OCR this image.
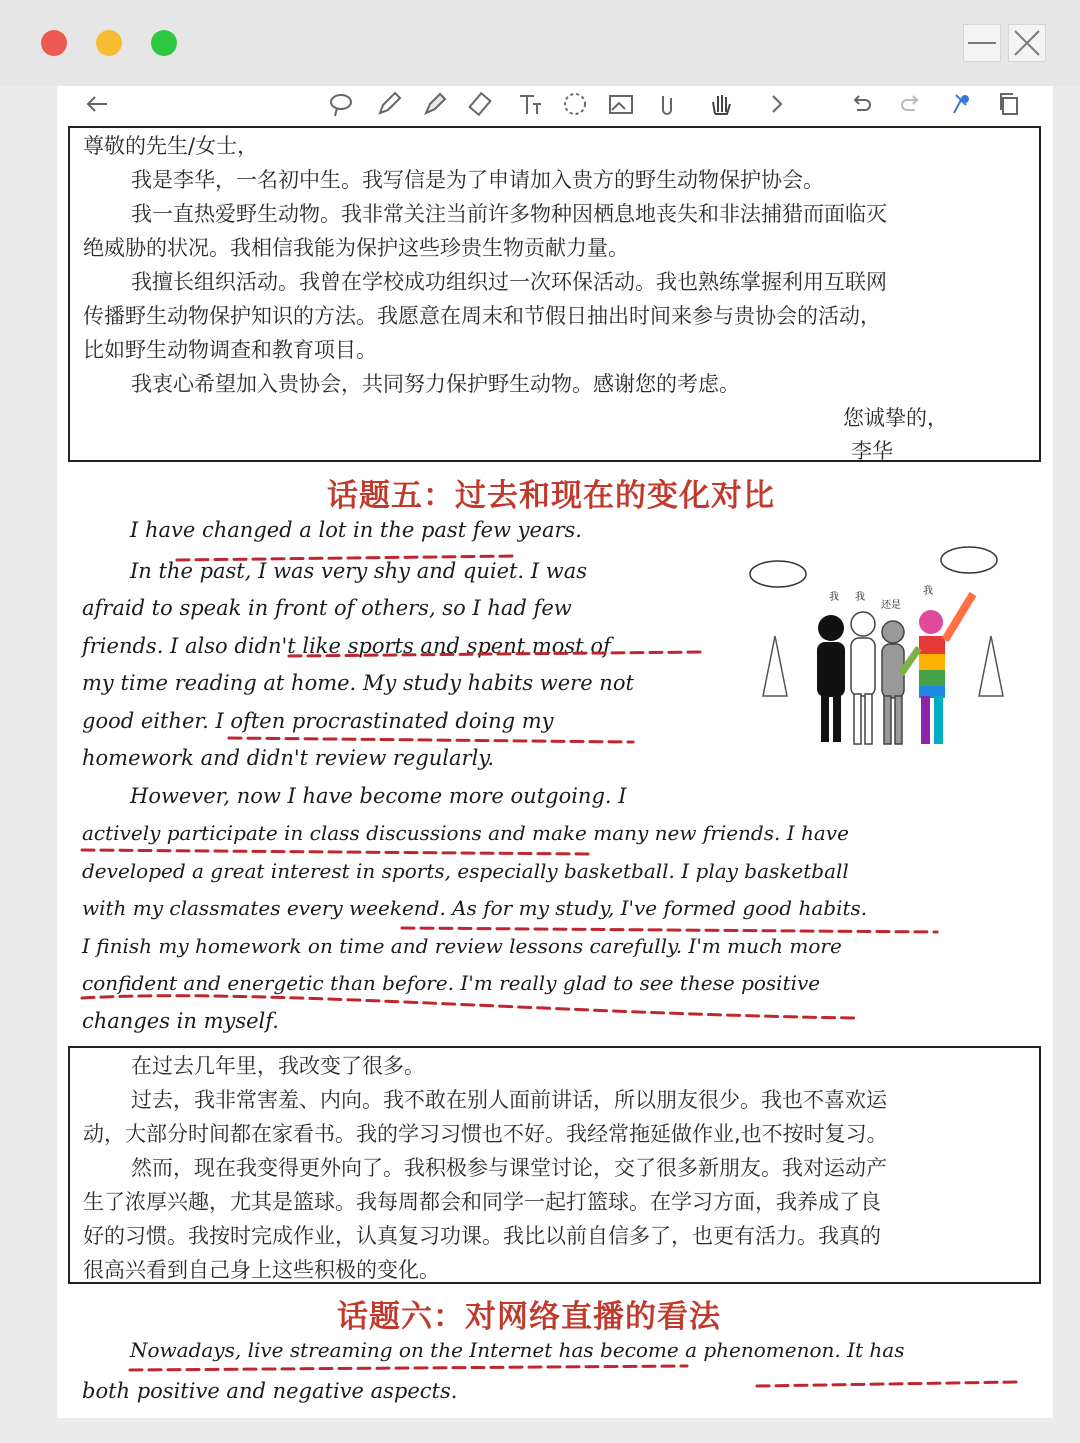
尊敬的先生/女士，
我是李华，一名初中生。我写信是为了申请加入贵方的野生动物保护协会。
我一直热爱野生动物。我非常关注当前许多物种因栖息地丧失和非法捕猎而面临灭
绝威胁的状况。我相信我能为保护这些珍贵生物贡献力量。
我擅长组织活动。我曾在学校成功组织过一次环保活动。我也熟练掌握利用互联网
传播野生动物保护知识的方法。我愿意在周末和节假日抽出时间来参与贵协会的活动，
比如野生动物调查和教育项目。
我衷心希望加入贵协会，共同努力保护野生动物。感谢您的考虑。
您诚挚的，
李华
话题五：过去和现在的变化对比
I have changed a lot in the past few years.
In the past, I was very shy and quiet. I was
afraid to speak in front of others, so I had few
friends. I also didn't like sports and spent most of
my time reading at home. My study habits were not
good either. I often procrastinated doing my
homework and didn't review regularly.
However, now I have become more outgoing. I
actively participate in class discussions and make many new friends. I have
developed a great interest in sports, especially basketball. I play basketball
with my classmates every weekend. As for my study, I've formed good habits.
I finish my homework on time and review lessons carefully. I'm much more
confident and energetic than before. I'm really glad to see these positive
changes in myself.
我 我
还是
我
在过去几年里，我改变了很多。
过去，我非常害羞、内向。我不敢在别人面前讲话，所以朋友很少。我也不喜欢运
动，大部分时间都在家看书。我的学习习惯也不好。我经常拖延做作业,也不按时复习。
然而，现在我变得更外向了。我积极参与课堂讨论，交了很多新朋友。我对运动产
生了浓厚兴趣，尤其是篮球。我每周都会和同学一起打篮球。在学习方面，我养成了良
好的习惯。我按时完成作业，认真复习功课。我比以前自信多了，也更有活力。我真的
很高兴看到自己身上这些积极的变化。
话题六：对网络直播的看法
Nowadays, live streaming on the Internet has become a phenomenon. It has
both positive and negative aspects.
